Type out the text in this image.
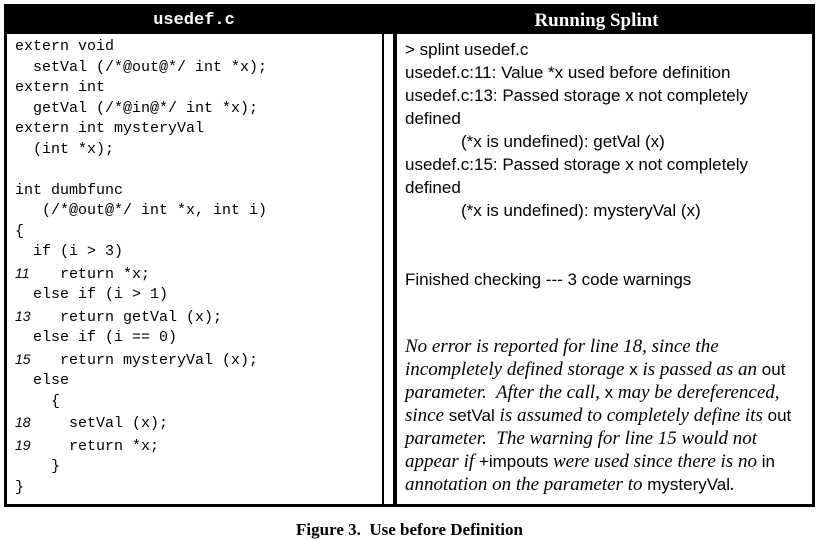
usedef.c	Running Splint
extern void
setVal (/*@out@*/ int *x);
extern int
getVal (/*@in@*/ int *x);
extern int mysteryVal
(int *x);

int dumbfunc
(/*@out@*/ int *x, int i)
{
if (i > 3)
11   return *x;
else if (i > 1)
13   return getVal (x);
else if (i == 0)
15   return mysteryVal (x);
else
{
18    setVal (x);
19    return *x;
}
}
> splint usedef.c
usedef.c:11: Value *x used before definition
usedef.c:13: Passed storage x not completely
defined
(*x is undefined): getVal (x)
usedef.c:15: Passed storage x not completely
defined
(*x is undefined): mysteryVal (x)

Finished checking --- 3 code warnings

No error is reported for line 18, since the incompletely defined storage x is passed as an out parameter.  After the call, x may be dereferenced, since setVal is assumed to completely define its out parameter.  The warning for line 15 would not appear if +impouts were used since there is no in annotation on the parameter to mysteryVal.

Figure 3.  Use before Definition
